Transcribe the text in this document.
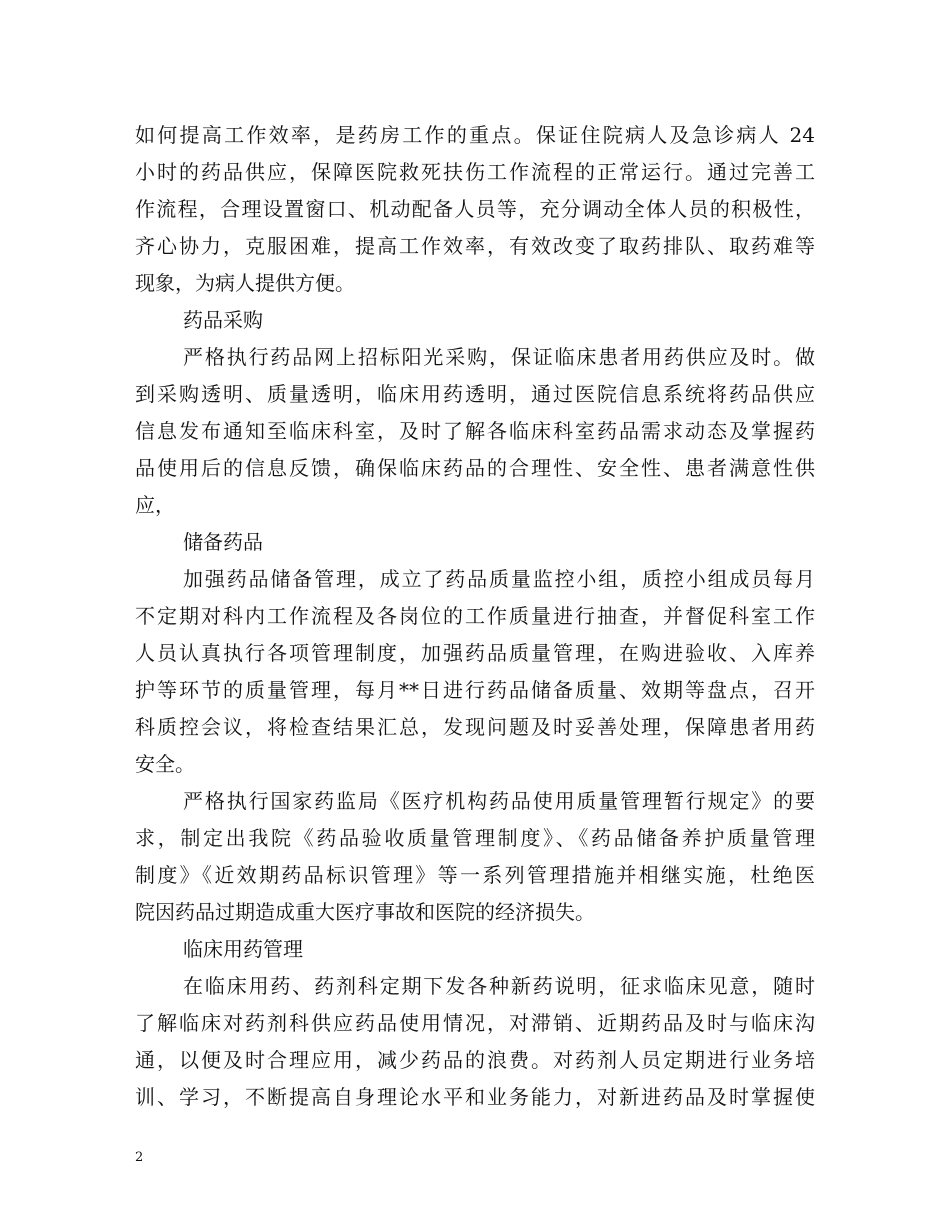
如何提高工作效率，是药房工作的重点。保证住院病人及急诊病人 24
小时的药品供应，保障医院救死扶伤工作流程的正常运行。通过完善工
作流程，合理设置窗口、机动配备人员等，充分调动全体人员的积极性，
齐心协力，克服困难，提高工作效率，有效改变了取药排队、取药难等
现象，为病人提供方便。
药品采购
严格执行药品网上招标阳光采购，保证临床患者用药供应及时。做
到采购透明、质量透明，临床用药透明，通过医院信息系统将药品供应
信息发布通知至临床科室，及时了解各临床科室药品需求动态及掌握药
品使用后的信息反馈，确保临床药品的合理性、安全性、患者满意性供
应，
储备药品
加强药品储备管理，成立了药品质量监控小组，质控小组成员每月
不定期对科内工作流程及各岗位的工作质量进行抽查，并督促科室工作
人员认真执行各项管理制度，加强药品质量管理，在购进验收、入库养
护等环节的质量管理，每月**日进行药品储备质量、效期等盘点，召开
科质控会议，将检查结果汇总，发现问题及时妥善处理，保障患者用药
安全。
严格执行国家药监局《医疗机构药品使用质量管理暂行规定》的要
求，制定出我院《药品验收质量管理制度》、《药品储备养护质量管理
制度》《近效期药品标识管理》等一系列管理措施并相继实施，杜绝医
院因药品过期造成重大医疗事故和医院的经济损失。
临床用药管理
在临床用药、药剂科定期下发各种新药说明，征求临床见意，随时
了解临床对药剂科供应药品使用情况，对滞销、近期药品及时与临床沟
通，以便及时合理应用，减少药品的浪费。对药剂人员定期进行业务培
训、学习，不断提高自身理论水平和业务能力，对新进药品及时掌握使
2
